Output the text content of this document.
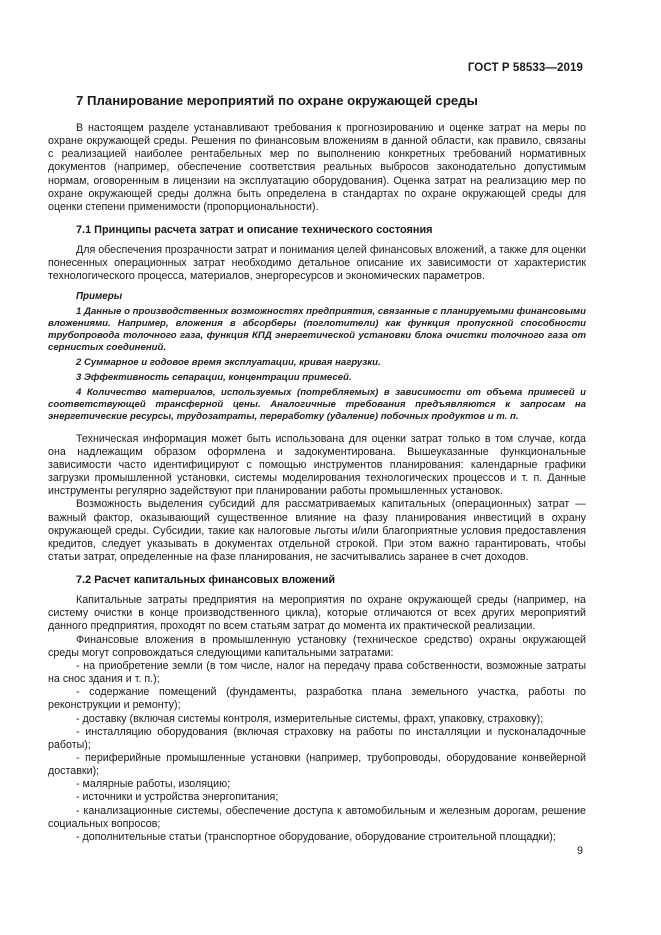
ГОСТ Р 58533—2019
7 Планирование мероприятий по охране окружающей среды

В настоящем разделе устанавливают требования к прогнозированию и оценке затрат на меры по охране окружающей среды. Решения по финансовым вложениям в данной области, как правило, связаны с реализацией наиболее рентабельных мер по выполнению конкретных требований нормативных документов (например, обеспечение соответствия реальных выбросов законодательно допустимым нормам, оговоренным в лицензии на эксплуатацию оборудования). Оценка затрат на реализацию мер по охране окружающей среды должна быть определена в стандартах по охране окружающей среды для оценки степени применимости (пропорциональности).

7.1 Принципы расчета затрат и описание технического состояния

Для обеспечения прозрачности затрат и понимания целей финансовых вложений, а также для оценки понесенных операционных затрат необходимо детальное описание их зависимости от характеристик технологического процесса, материалов, энергоресурсов и экономических параметров.

Примеры

1 Данные о производственных возможностях предприятия, связанные с планируемыми финансовыми вложениями. Например, вложения в абсорберы (поглотители) как функция пропускной способности трубопровода толочного газа, функция КПД энергетической установки блока очистки толочного газа от сернистых соединений.

2 Суммарное и годовое время эксплуатации, кривая нагрузки.

3 Эффективность сепарации, концентрации примесей.

4 Количество материалов, используемых (потребляемых) в зависимости от объема примесей и соответствующей трансферной цены. Аналогичные требования предъявляются к запросам на энергетические ресурсы, трудозатраты, переработку (удаление) побочных продуктов и т. п.

Техническая информация может быть использована для оценки затрат только в том случае, когда она надлежащим образом оформлена и задокументирована. Вышеуказанные функциональные зависимости часто идентифицируют с помощью инструментов планирования: календарные графики загрузки промышленной установки, системы моделирования технологических процессов и т. п. Данные инструменты регулярно задействуют при планировании работы промышленных установок.

Возможность выделения субсидий для рассматриваемых капитальных (операционных) затрат — важный фактор, оказывающий существенное влияние на фазу планирования инвестиций в охрану окружающей среды. Субсидии, такие как налоговые льготы и/или благоприятные условия предоставления кредитов, следует указывать в документах отдельной строкой. При этом важно гарантировать, чтобы статьи затрат, определенные на фазе планирования, не засчитывались заранее в счет доходов.

7.2 Расчет капитальных финансовых вложений

Капитальные затраты предприятия на мероприятия по охране окружающей среды (например, на систему очистки в конце производственного цикла), которые отличаются от всех других мероприятий данного предприятия, проходят по всем статьям затрат до момента их практической реализации.

Финансовые вложения в промышленную установку (техническое средство) охраны окружающей среды могут сопровождаться следующими капитальными затратами:

- на приобретение земли (в том числе, налог на передачу права собственности, возможные затраты на снос здания и т. п.);

- содержание помещений (фундаменты, разработка плана земельного участка, работы по реконструкции и ремонту);

- доставку (включая системы контроля, измерительные системы, фрахт, упаковку, страховку);

- инсталляцию оборудования (включая страховку на работы по инсталляции и пусконаладочные работы);

- периферийные промышленные установки (например, трубопроводы, оборудование конвейерной доставки);

- малярные работы, изоляцию;

- источники и устройства энергопитания;

- канализационные системы, обеспечение доступа к автомобильным и железным дорогам, решение социальных вопросов;

- дополнительные статьи (транспортное оборудование, оборудование строительной площадки);

9
